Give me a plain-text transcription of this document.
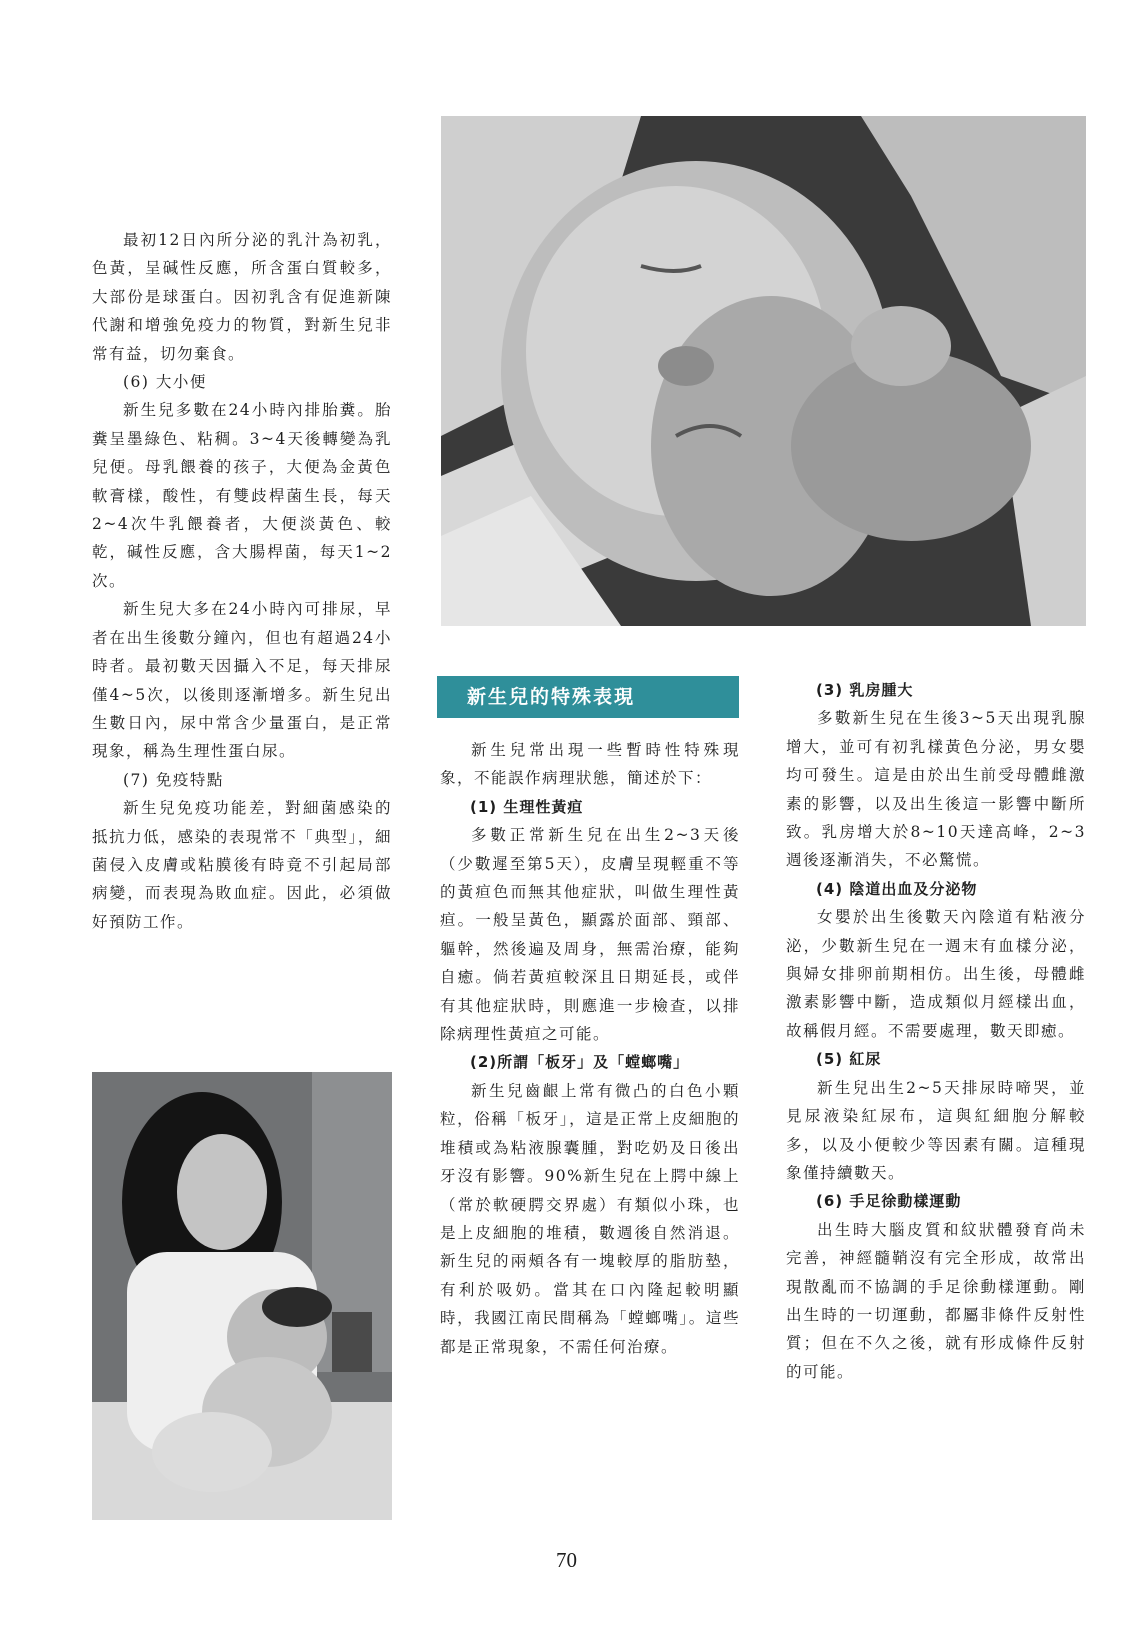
最初12日內所分泌的乳汁為初乳，色黃，呈碱性反應，所含蛋白質較多，大部份是球蛋白。因初乳含有促進新陳代謝和增強免疫力的物質，對新生兒非常有益，切勿棄食。

(6) 大小便

新生兒多數在24小時內排胎糞。胎糞呈墨綠色、粘稠。3~4天後轉變為乳兒便。母乳餵養的孩子，大便為金黃色軟膏樣，酸性，有雙歧桿菌生長，每天2~4次牛乳餵養者，大便淡黃色、較乾，碱性反應，含大腸桿菌，每天1~2次。

新生兒大多在24小時內可排尿，早者在出生後數分鐘內，但也有超過24小時者。最初數天因攝入不足，每天排尿僅4~5次，以後則逐漸增多。新生兒出生數日內，尿中常含少量蛋白，是正常現象，稱為生理性蛋白尿。

(7) 免疫特點

新生兒免疫功能差，對細菌感染的抵抗力低，感染的表現常不「典型」，細菌侵入皮膚或粘膜後有時竟不引起局部病變，而表現為敗血症。因此，必須做好預防工作。

新生兒的特殊表現

新生兒常出現一些暫時性特殊現象，不能誤作病理狀態，簡述於下：

(1) 生理性黃疸

多數正常新生兒在出生2~3天後（少數遲至第5天），皮膚呈現輕重不等的黃疸色而無其他症狀，叫做生理性黃疸。一般呈黃色，顯露於面部、頸部、軀幹，然後遍及周身，無需治療，能夠自癒。倘若黃疸較深且日期延長，或伴有其他症狀時，則應進一步檢查，以排除病理性黃疸之可能。

(2)所謂「板牙」及「螳螂嘴」

新生兒齒齦上常有微凸的白色小顆粒，俗稱「板牙」，這是正常上皮細胞的堆積或為粘液腺囊腫，對吃奶及日後出牙沒有影響。90%新生兒在上腭中線上（常於軟硬腭交界處）有類似小珠，也是上皮細胞的堆積，數週後自然消退。新生兒的兩頰各有一塊較厚的脂肪墊，有利於吸奶。當其在口內隆起較明顯時，我國江南民間稱為「螳螂嘴」。這些都是正常現象，不需任何治療。

(3) 乳房腫大

多數新生兒在生後3~5天出現乳腺增大，並可有初乳樣黃色分泌，男女嬰均可發生。這是由於出生前受母體雌激素的影響，以及出生後這一影響中斷所致。乳房增大於8~10天達高峰，2~3週後逐漸消失，不必驚慌。

(4) 陰道出血及分泌物

女嬰於出生後數天內陰道有粘液分泌，少數新生兒在一週末有血樣分泌，與婦女排卵前期相仿。出生後，母體雌激素影響中斷，造成類似月經樣出血，故稱假月經。不需要處理，數天即癒。

(5) 紅尿

新生兒出生2~5天排尿時啼哭，並見尿液染紅尿布，這與紅細胞分解較多，以及小便較少等因素有關。這種現象僅持續數天。

(6) 手足徐動樣運動

出生時大腦皮質和紋狀體發育尚未完善，神經髓鞘沒有完全形成，故常出現散亂而不協調的手足徐動樣運動。剛出生時的一切運動，都屬非條件反射性質；但在不久之後，就有形成條件反射的可能。

70
